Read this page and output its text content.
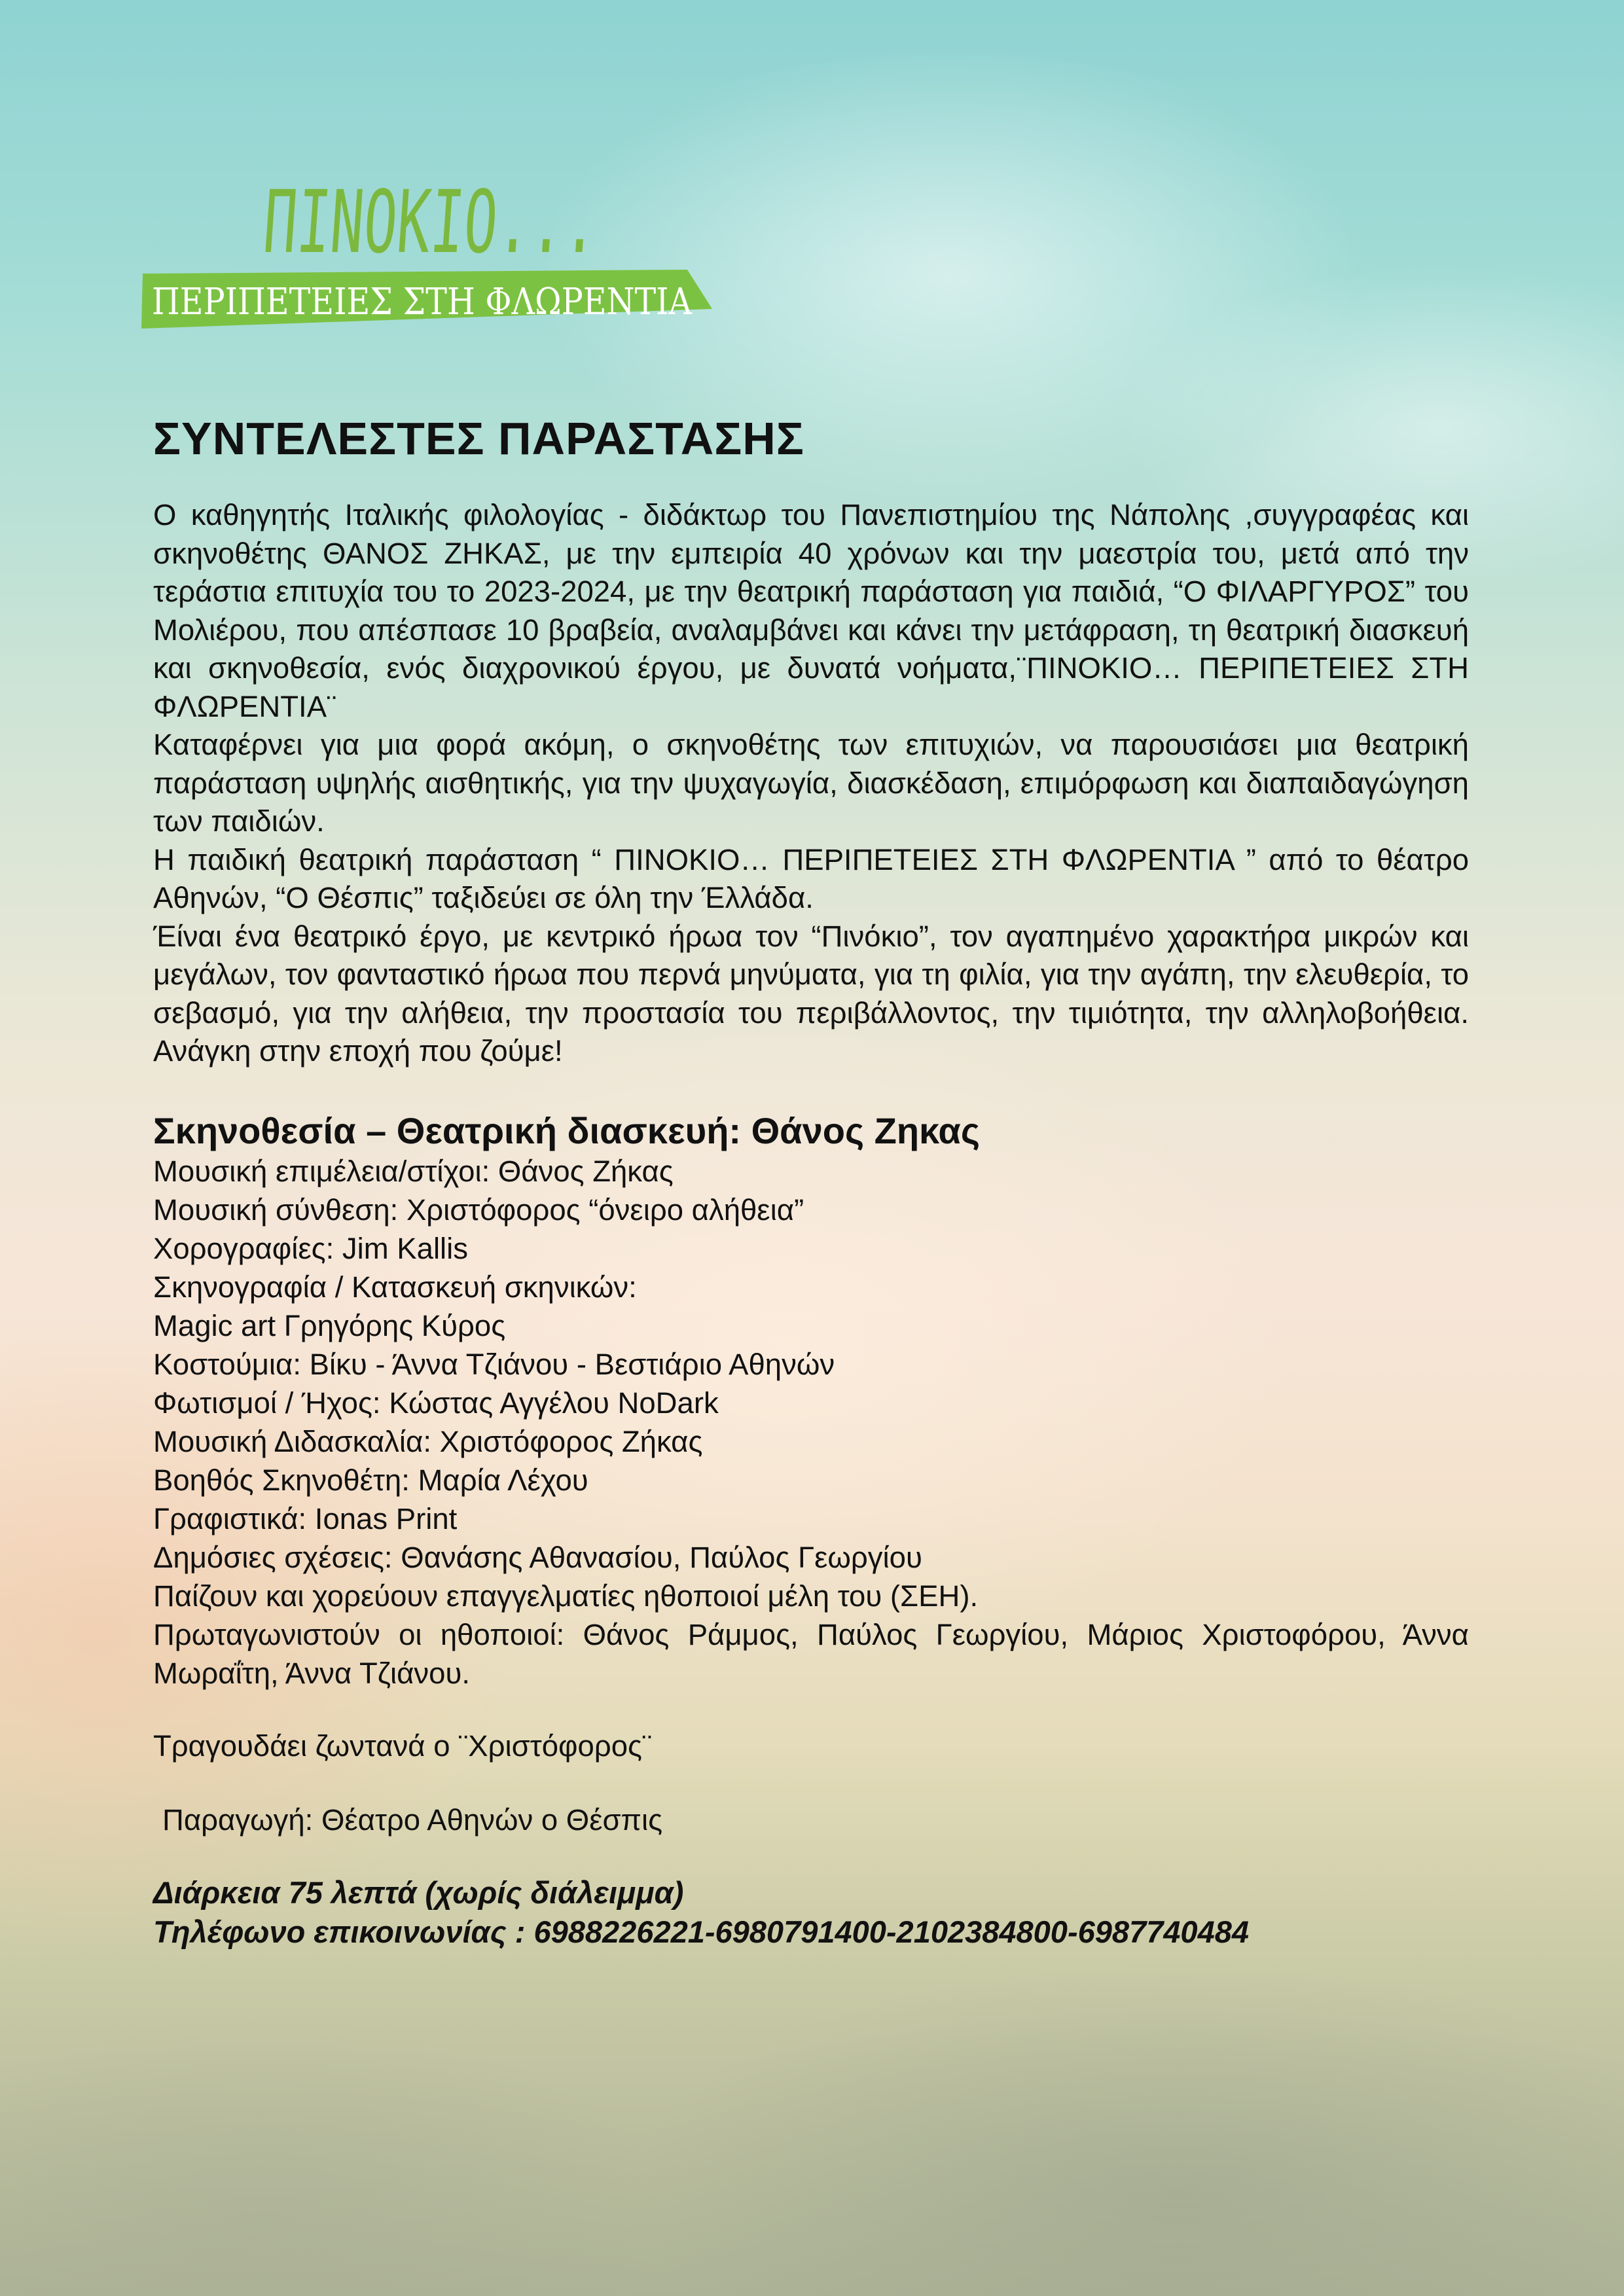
ΠΙΝΟΚΙΟ...
ΠΕΡΙΠΕΤΕΙΕΣ ΣΤΗ ΦΛΩΡΕΝΤΙΑ
ΣΥΝΤΕΛΕΣΤΕΣ ΠΑΡΑΣΤΑΣΗΣ

Ο καθηγητής Ιταλικής φιλολογίας - διδάκτωρ του Πανεπιστημίου της Νάπολης ,συγγραφέας και σκηνοθέτης ΘΑΝΟΣ ΖΗΚΑΣ, με την εμπειρία 40 χρόνων και την μαεστρία του, μετά από την τεράστια επιτυχία του το 2023-2024, με την θεατρική παράσταση για παιδιά, “Ο ΦΙΛΑΡΓΥΡΟΣ” του Μολιέρου, που απέσπασε 10 βραβεία, αναλαμβάνει και κάνει την μετάφραση, τη θεατρική διασκευή και σκηνοθεσία, ενός διαχρονικού έργου, με δυνατά νοήματα,¨ΠΙΝΟΚΙΟ… ΠΕΡΙΠΕΤΕΙΕΣ ΣΤΗ ΦΛΩΡΕΝΤΙΑ¨

Καταφέρνει για μια φορά ακόμη, ο σκηνοθέτης των επιτυχιών, να παρουσιάσει μια θεατρική παράσταση υψηλής αισθητικής, για την ψυχαγωγία, διασκέδαση, επιμόρφωση και διαπαιδαγώγηση των παιδιών.

Η παιδική θεατρική παράσταση “ ΠΙΝΟΚΙΟ… ΠΕΡΙΠΕΤΕΙΕΣ ΣΤΗ ΦΛΩΡΕΝΤΙΑ ” από το θέατρο Αθηνών, “Ο Θέσπις” ταξιδεύει σε όλη την Έλλάδα.

Έίναι ένα θεατρικό έργο, με κεντρικό ήρωα τον “Πινόκιο”, τον αγαπημένο χαρακτήρα μικρών και μεγάλων, τον φανταστικό ήρωα που περνά μηνύματα, για τη φιλία, για την αγάπη, την ελευθερία, το σεβασμό, για την αλήθεια, την προστασία του περιβάλλοντος, την τιμιότητα, την αλληλοβοήθεια. Ανάγκη στην εποχή που ζούμε!

Σκηνοθεσία – Θεατρική διασκευή: Θάνος Ζηκας

Μουσική επιμέλεια/στίχοι: Θάνος Ζήκας

Μουσική σύνθεση: Χριστόφορος “όνειρο αλήθεια”

Χορογραφίες: Jim Kallis

Σκηνογραφία / Κατασκευή σκηνικών:

Magic art Γρηγόρης Κύρος

Κοστούμια: Βίκυ - Άννα Τζιάνου - Βεστιάριο Αθηνών

Φωτισμοί / Ήχος: Κώστας Αγγέλου NoDark

Μουσική Διδασκαλία: Χριστόφορος Ζήκας

Βοηθός Σκηνοθέτη: Μαρία Λέχου

Γραφιστικά: Ionas Print

Δημόσιες σχέσεις: Θανάσης Αθανασίου, Παύλος Γεωργίου

Παίζουν και χορεύουν επαγγελματίες ηθοποιοί μέλη του (ΣΕΗ).

Πρωταγωνιστούν οι ηθοποιοί: Θάνος Ράμμος, Παύλος Γεωργίου, Μάριος Χριστοφόρου, Άννα Μωραΐτη, Άννα Τζιάνου.

Τραγουδάει ζωντανά ο ¨Χριστόφορος¨

Παραγωγή: Θέατρο Αθηνών ο Θέσπις

Διάρκεια 75 λεπτά (χωρίς διάλειμμα)

Τηλέφωνο επικοινωνίας : 6988226221-6980791400-2102384800-6987740484
